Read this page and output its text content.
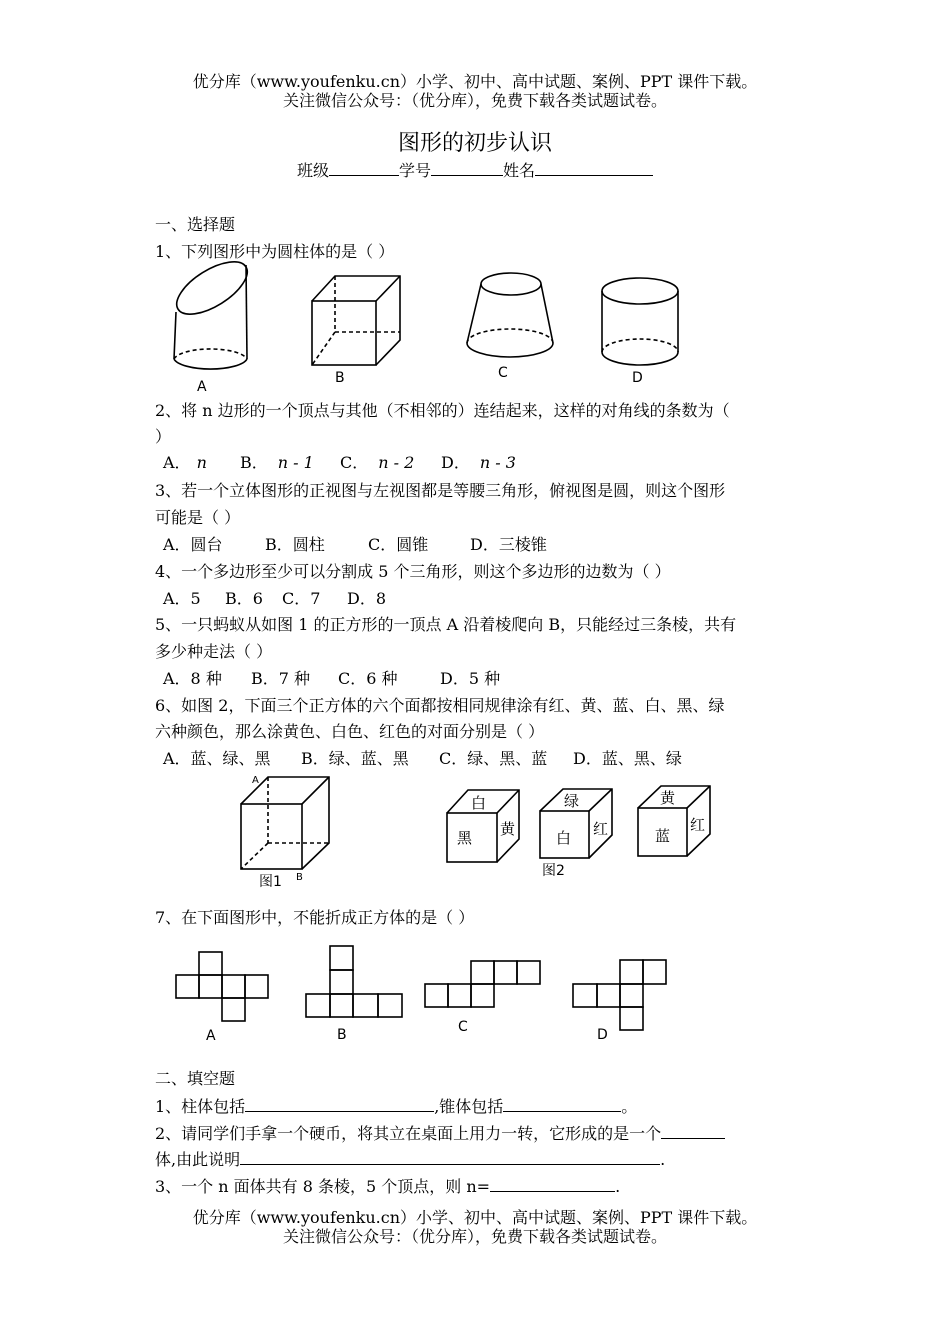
优分库（www.youfenku.cn）小学、初中、高中试题、案例、PPT 课件下载。
关注微信公众号：（优分库），免费下载各类试题试卷。
图形的初步认识
班级	学号	姓名
一、选择题
1、下列图形中为圆柱体的是（ ）
2、将 n 边形的一个顶点与其他（不相邻的）连结起来，这样的对角线的条数为（
）
A． n B． n - 1 C． n - 2 D． n - 3
3、若一个立体图形的正视图与左视图都是等腰三角形，俯视图是圆，则这个图形
可能是（ ）
A．圆台	B．圆柱	C．圆锥	D．三棱锥
4、一个多边形至少可以分割成 5 个三角形，则这个多边形的边数为（ ）
A．5 B．6 C．7 D．8
5、一只蚂蚁从如图 1 的正方形的一顶点 A 沿着棱爬向 B，只能经过三条棱，共有
多少种走法（ ）
A．8 种 B．7 种 C．6 种	D．5 种
6、如图 2，下面三个正方体的六个面都按相同规律涂有红、黄、蓝、白、黑、绿
六种颜色，那么涂黄色、白色、红色的对面分别是（ ）
A．蓝、绿、黑 B．绿、蓝、黑 C．绿、黑、蓝 D．蓝、黑、绿
7、在下面图形中，不能折成正方体的是（ ）
二、填空题
1、柱体包括	,锥体包括	。
2、请同学们手拿一个硬币，将其立在桌面上用力一转，它形成的是一个
体,由此说明	.
3、一个 n 面体共有 8 条棱，5 个顶点，则 n=	.
优分库（www.youfenku.cn）小学、初中、高中试题、案例、PPT 课件下载。
关注微信公众号：（优分库），免费下载各类试题试卷。
A
B	C	D
A
B
图1
图2
白
黑 黄
绿
白 红
黄
蓝
红
A	B	C	D
